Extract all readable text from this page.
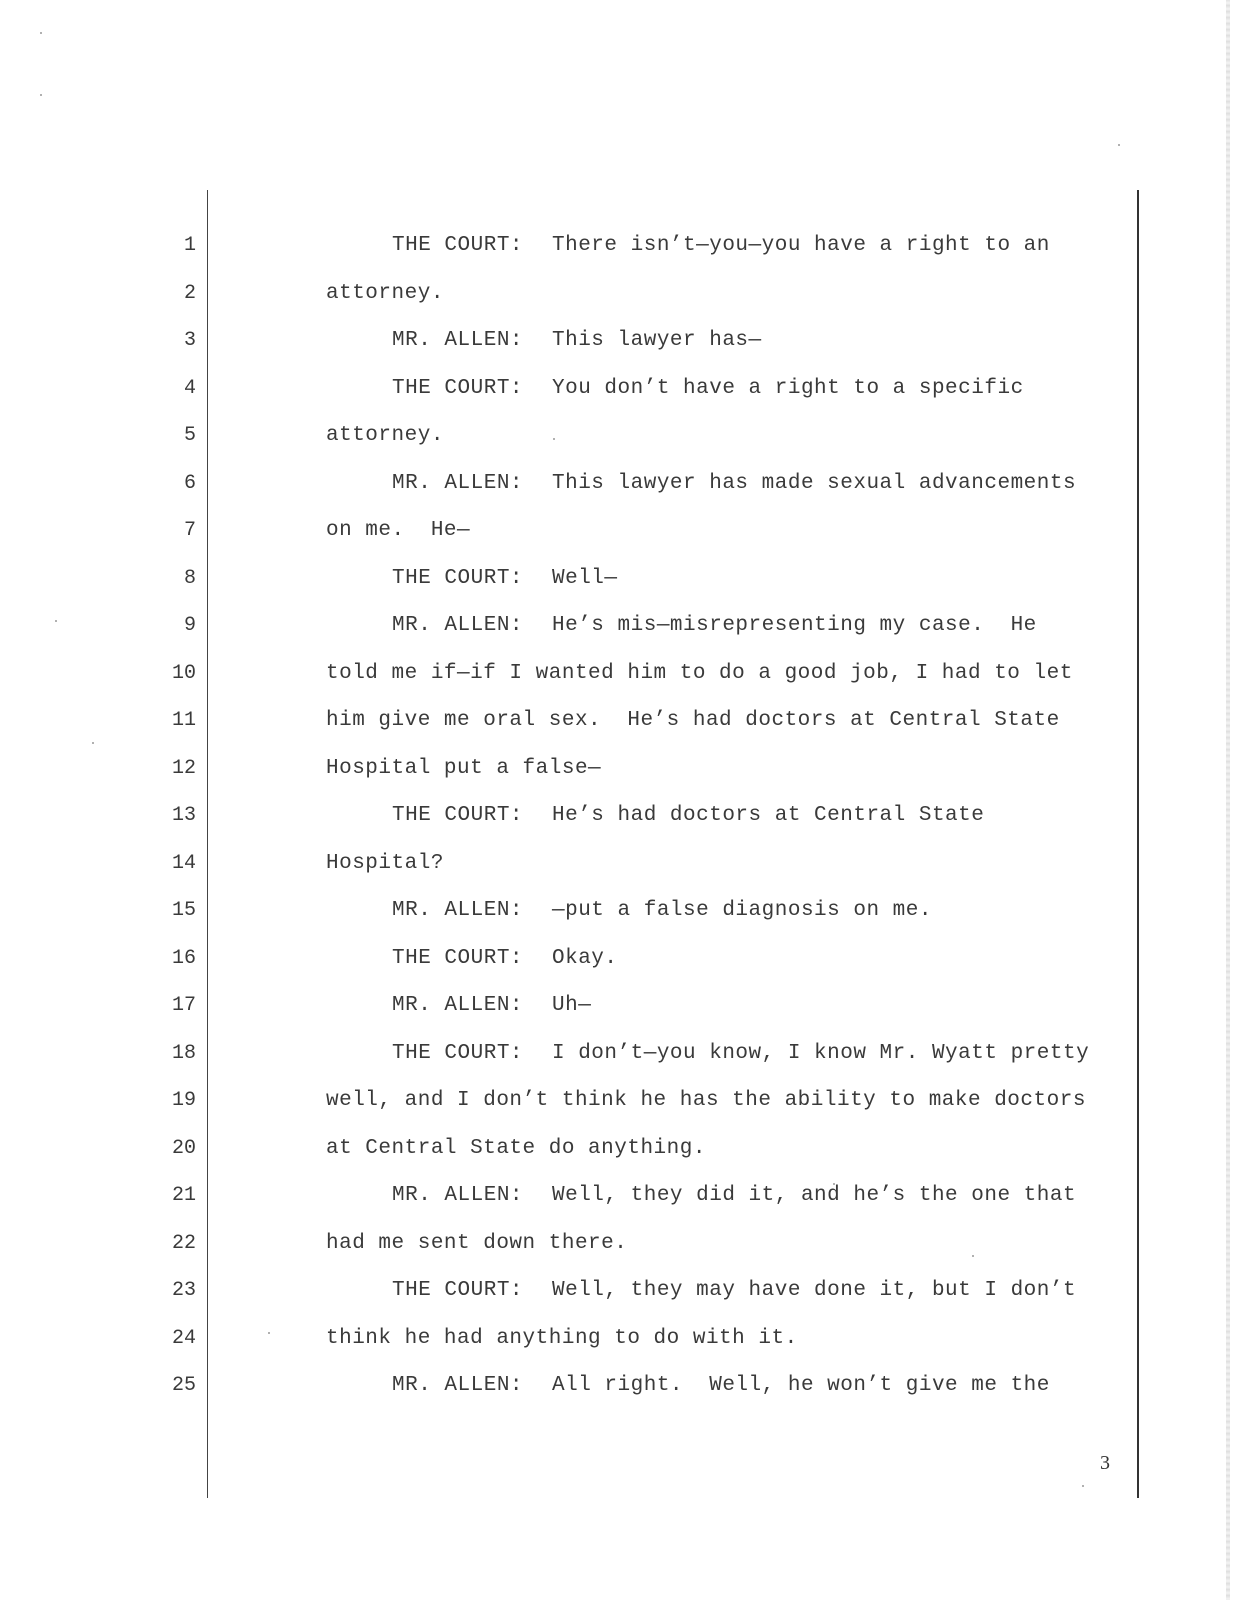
1
2
3
4
5
6
7
8
9
10
11
12
13
14
15
16
17
18
19
20
21
22
23
24
25
THE COURT: There isn’t—you—you have a right to an
attorney.
MR. ALLEN: This lawyer has—
THE COURT: You don’t have a right to a specific
attorney.
MR. ALLEN: This lawyer has made sexual advancements
on me.  He—
THE COURT: Well—
MR. ALLEN: He’s mis—misrepresenting my case.  He
told me if—if I wanted him to do a good job, I had to let
him give me oral sex.  He’s had doctors at Central State
Hospital put a false—
THE COURT: He’s had doctors at Central State
Hospital?
MR. ALLEN: —put a false diagnosis on me.
THE COURT: Okay.
MR. ALLEN: Uh—
THE COURT: I don’t—you know, I know Mr. Wyatt pretty
well, and I don’t think he has the ability to make doctors
at Central State do anything.
MR. ALLEN: Well, they did it, and he’s the one that
had me sent down there.
THE COURT: Well, they may have done it, but I don’t
think he had anything to do with it.
MR. ALLEN: All right.  Well, he won’t give me the
3
